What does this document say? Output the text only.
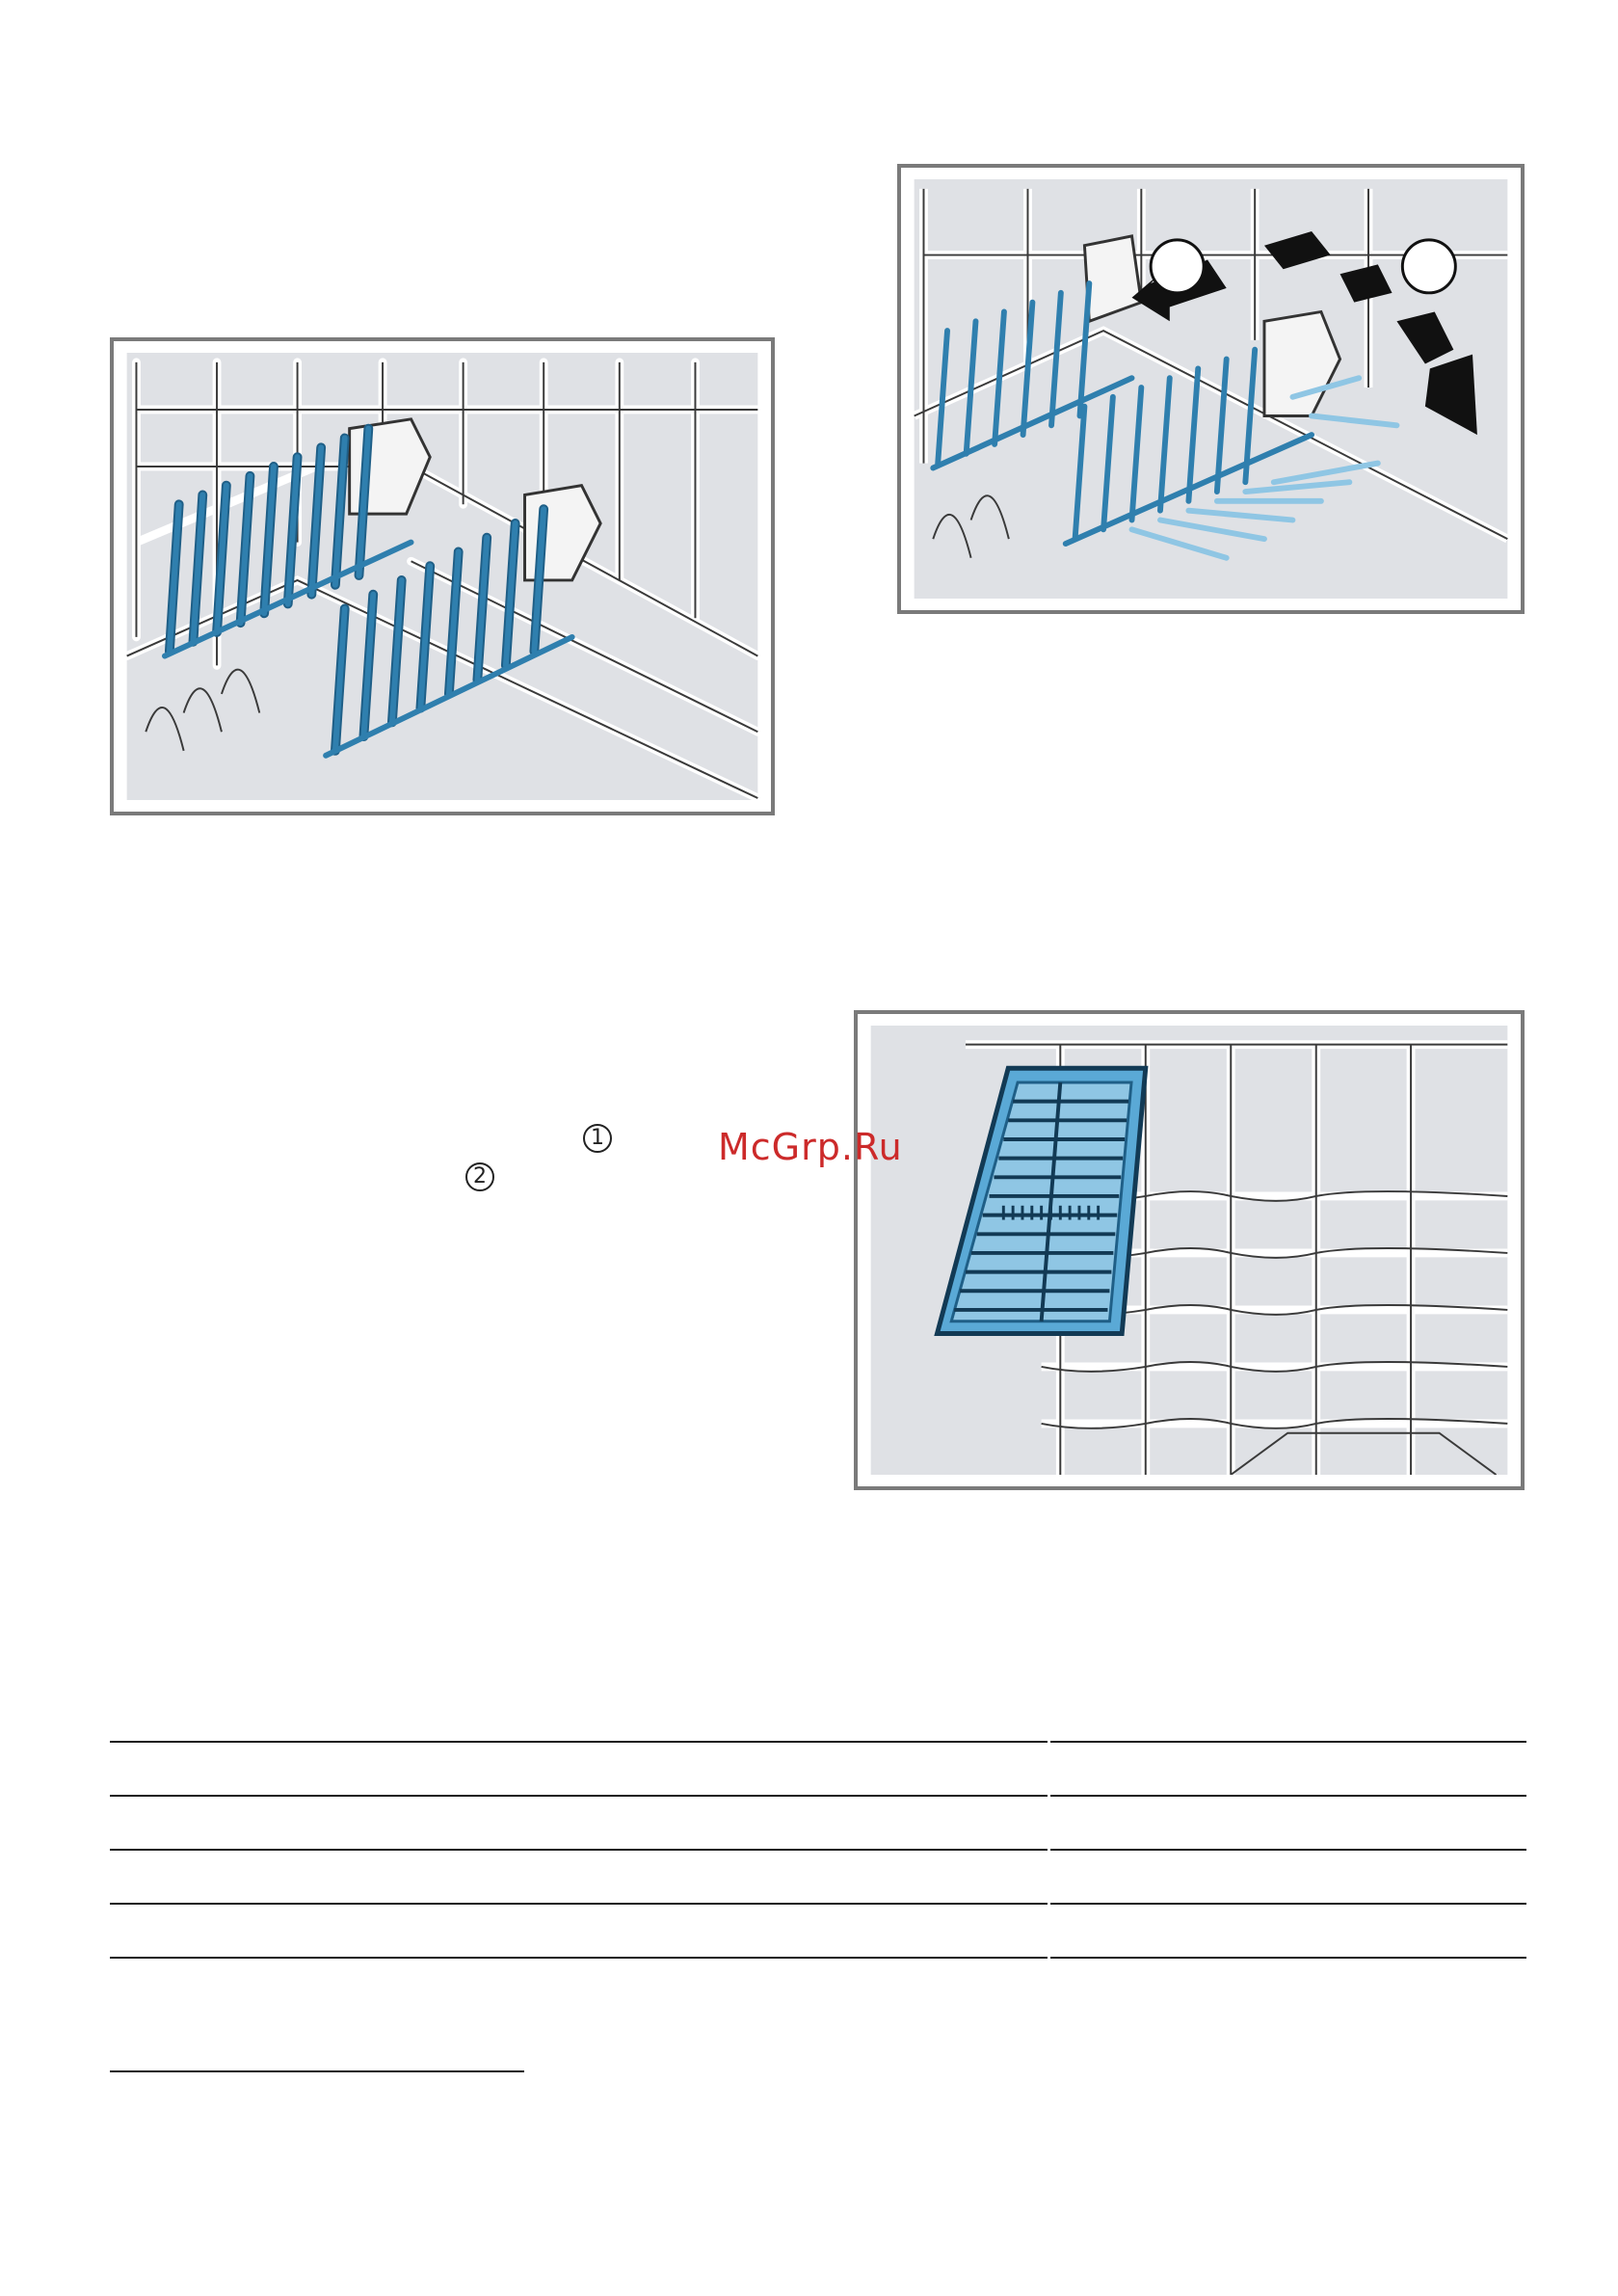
1
2
McGrp.Ru
